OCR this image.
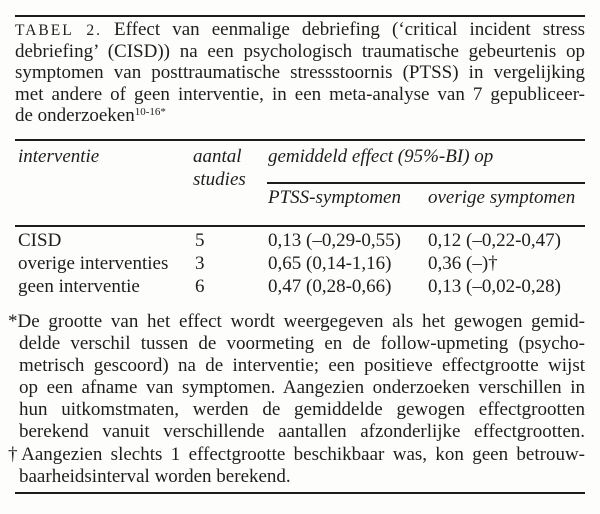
TABEL 2. Effect van eenmalige debriefing (‘critical incident stress
debriefing’ (CISD)) na een psychologisch traumatische gebeurtenis op
symptomen van posttraumatische stressstoornis (PTSS) in vergelijking
met andere of geen interventie, in een meta-analyse van 7 gepubliceer-
de onderzoeken$^{10-16*}$
interventie	aantal
studies
gemiddeld effect (95%-BI) op
PTSS-symptomen overige symptomen
CISD	5	0,13 (–0,29-0,55) 0,12 (–0,22-0,47)
overige interventies 3	0,65 (0,14-1,16) 0,36 (–)†
geen interventie	6	0,47 (0,28-0,66) 0,13 (–0,02-0,28)
*De grootte van het effect wordt weergegeven als het gewogen gemid-
delde verschil tussen de voormeting en de follow-upmeting (psycho-
metrisch gescoord) na de interventie; een positieve effectgrootte wijst
op een afname van symptomen. Aangezien onderzoeken verschillen in
hun uitkomstmaten, werden de gemiddelde gewogen effectgrootten
berekend vanuit verschillende aantallen afzonderlijke effectgrootten.
†Aangezien slechts 1 effectgrootte beschikbaar was, kon geen betrouw-
baarheidsinterval worden berekend.
